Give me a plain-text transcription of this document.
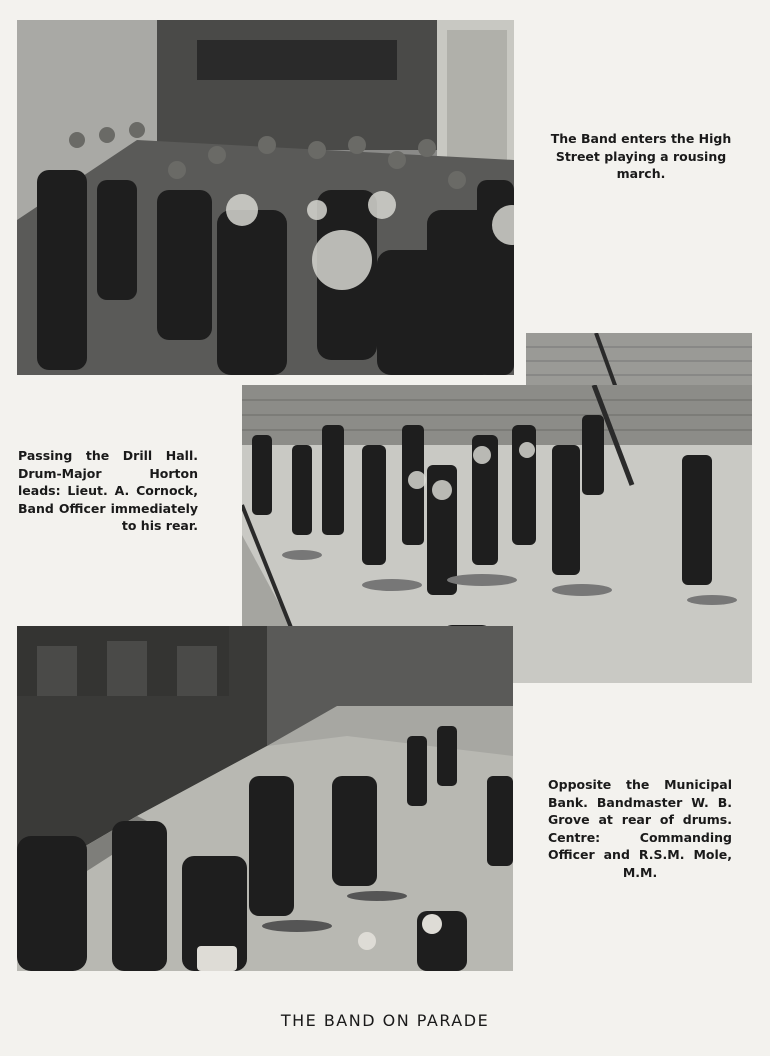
The Band enters the High Street playing a rousing march.

Passing the Drill Hall. Drum-Major Horton leads: Lieut. A. Cornock, Band Officer immediately to his rear.

Opposite the Municipal Bank. Bandmaster W. B. Grove at rear of drums. Centre: Commanding Officer and R.S.M. Mole, M.M.

THE BAND ON PARADE
